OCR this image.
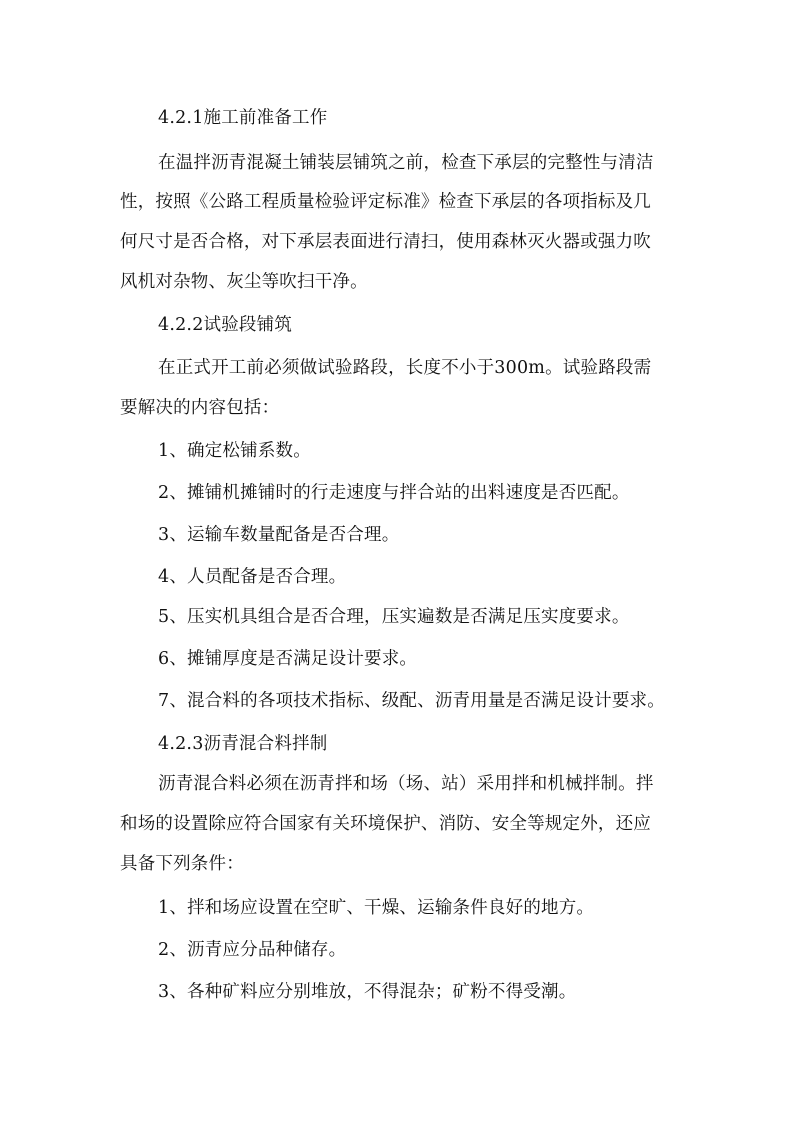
4.2.1施工前准备工作
在温拌沥青混凝土铺装层铺筑之前，检查下承层的完整性与清洁
性，按照《公路工程质量检验评定标准》检查下承层的各项指标及几
何尺寸是否合格，对下承层表面进行清扫，使用森林灭火器或强力吹
风机对杂物、灰尘等吹扫干净。
4.2.2试验段铺筑
在正式开工前必须做试验路段，长度不小于300m。试验路段需
要解决的内容包括：
1、确定松铺系数。
2、摊铺机摊铺时的行走速度与拌合站的出料速度是否匹配。
3、运输车数量配备是否合理。
4、人员配备是否合理。
5、压实机具组合是否合理，压实遍数是否满足压实度要求。
6、摊铺厚度是否满足设计要求。
7、混合料的各项技术指标、级配、沥青用量是否满足设计要求。
4.2.3沥青混合料拌制
沥青混合料必须在沥青拌和场（场、站）采用拌和机械拌制。拌
和场的设置除应符合国家有关环境保护、消防、安全等规定外，还应
具备下列条件：
1、拌和场应设置在空旷、干燥、运输条件良好的地方。
2、沥青应分品种储存。
3、各种矿料应分别堆放，不得混杂；矿粉不得受潮。
